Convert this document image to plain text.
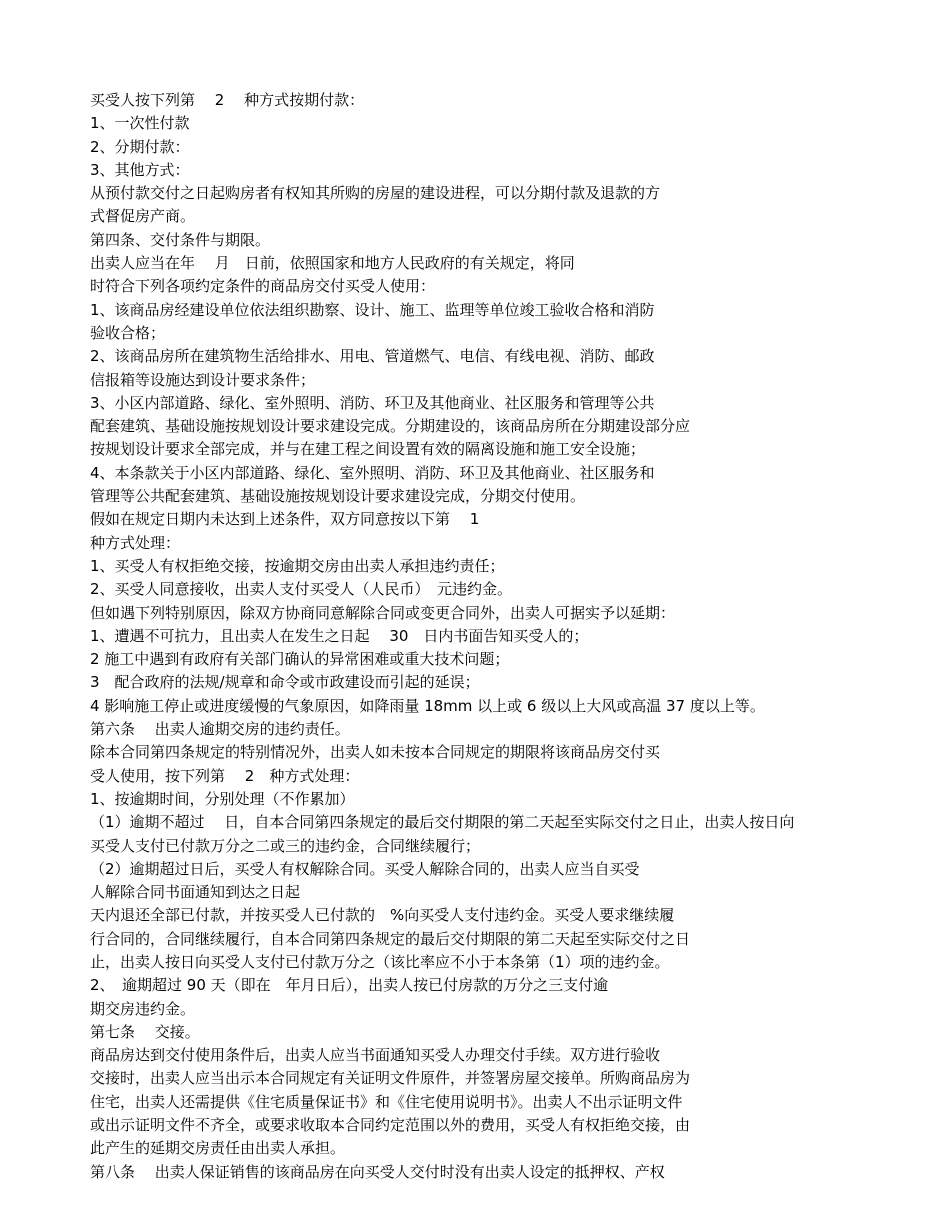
买受人按下列第　 2　 种方式按期付款：
1、一次性付款
2、分期付款：
3、其他方式：
从预付款交付之日起购房者有权知其所购的房屋的建设进程，可以分期付款及退款的方
式督促房产商。
第四条、交付条件与期限。
出卖人应当在年　 月　日前，依照国家和地方人民政府的有关规定，将同
时符合下列各项约定条件的商品房交付买受人使用：
1、该商品房经建设单位依法组织勘察、设计、施工、监理等单位竣工验收合格和消防
验收合格；
2、该商品房所在建筑物生活给排水、用电、管道燃气、电信、有线电视、消防、邮政
信报箱等设施达到设计要求条件；
3、小区内部道路、绿化、室外照明、消防、环卫及其他商业、社区服务和管理等公共
配套建筑、基础设施按规划设计要求建设完成。分期建设的，该商品房所在分期建设部分应
按规划设计要求全部完成，并与在建工程之间设置有效的隔离设施和施工安全设施；
4、本条款关于小区内部道路、绿化、室外照明、消防、环卫及其他商业、社区服务和
管理等公共配套建筑、基础设施按规划设计要求建设完成，分期交付使用。
假如在规定日期内未达到上述条件，双方同意按以下第　 1
种方式处理：
1、买受人有权拒绝交接，按逾期交房由出卖人承担违约责任；
2、买受人同意接收，出卖人支付买受人（人民币）　元违约金。
但如遇下列特别原因，除双方协商同意解除合同或变更合同外，出卖人可据实予以延期：
1、遭遇不可抗力，且出卖人在发生之日起　 30　日内书面告知买受人的；
2 施工中遇到有政府有关部门确认的异常困难或重大技术问题；
3　配合政府的法规/规章和命令或市政建设而引起的延误；
4 影响施工停止或进度缓慢的气象原因，如降雨量 18mm 以上或 6 级以上大风或高温 37 度以上等。
第六条　 出卖人逾期交房的违约责任。
除本合同第四条规定的特别情况外，出卖人如未按本合同规定的期限将该商品房交付买
受人使用，按下列第　 2　种方式处理：
1、按逾期时间，分别处理（不作累加）
（1）逾期不超过　 日，自本合同第四条规定的最后交付期限的第二天起至实际交付之日止，出卖人按日向
买受人支付已付款万分之二或三的违约金，合同继续履行；
（2）逾期超过日后，买受人有权解除合同。买受人解除合同的，出卖人应当自买受
人解除合同书面通知到达之日起
天内退还全部已付款，并按买受人已付款的　%向买受人支付违约金。买受人要求继续履
行合同的，合同继续履行，自本合同第四条规定的最后交付期限的第二天起至实际交付之日
止，出卖人按日向买受人支付已付款万分之（该比率应不小于本条第（1）项的违约金。
2、　逾期超过 90 天（即在　年月日后），出卖人按已付房款的万分之三支付逾
期交房违约金。
第七条　 交接。
商品房达到交付使用条件后，出卖人应当书面通知买受人办理交付手续。双方进行验收
交接时，出卖人应当出示本合同规定有关证明文件原件，并签署房屋交接单。所购商品房为
住宅，出卖人还需提供《住宅质量保证书》和《住宅使用说明书》。出卖人不出示证明文件
或出示证明文件不齐全，或要求收取本合同约定范围以外的费用，买受人有权拒绝交接，由
此产生的延期交房责任由出卖人承担。
第八条　 出卖人保证销售的该商品房在向买受人交付时没有出卖人设定的抵押权、产权
